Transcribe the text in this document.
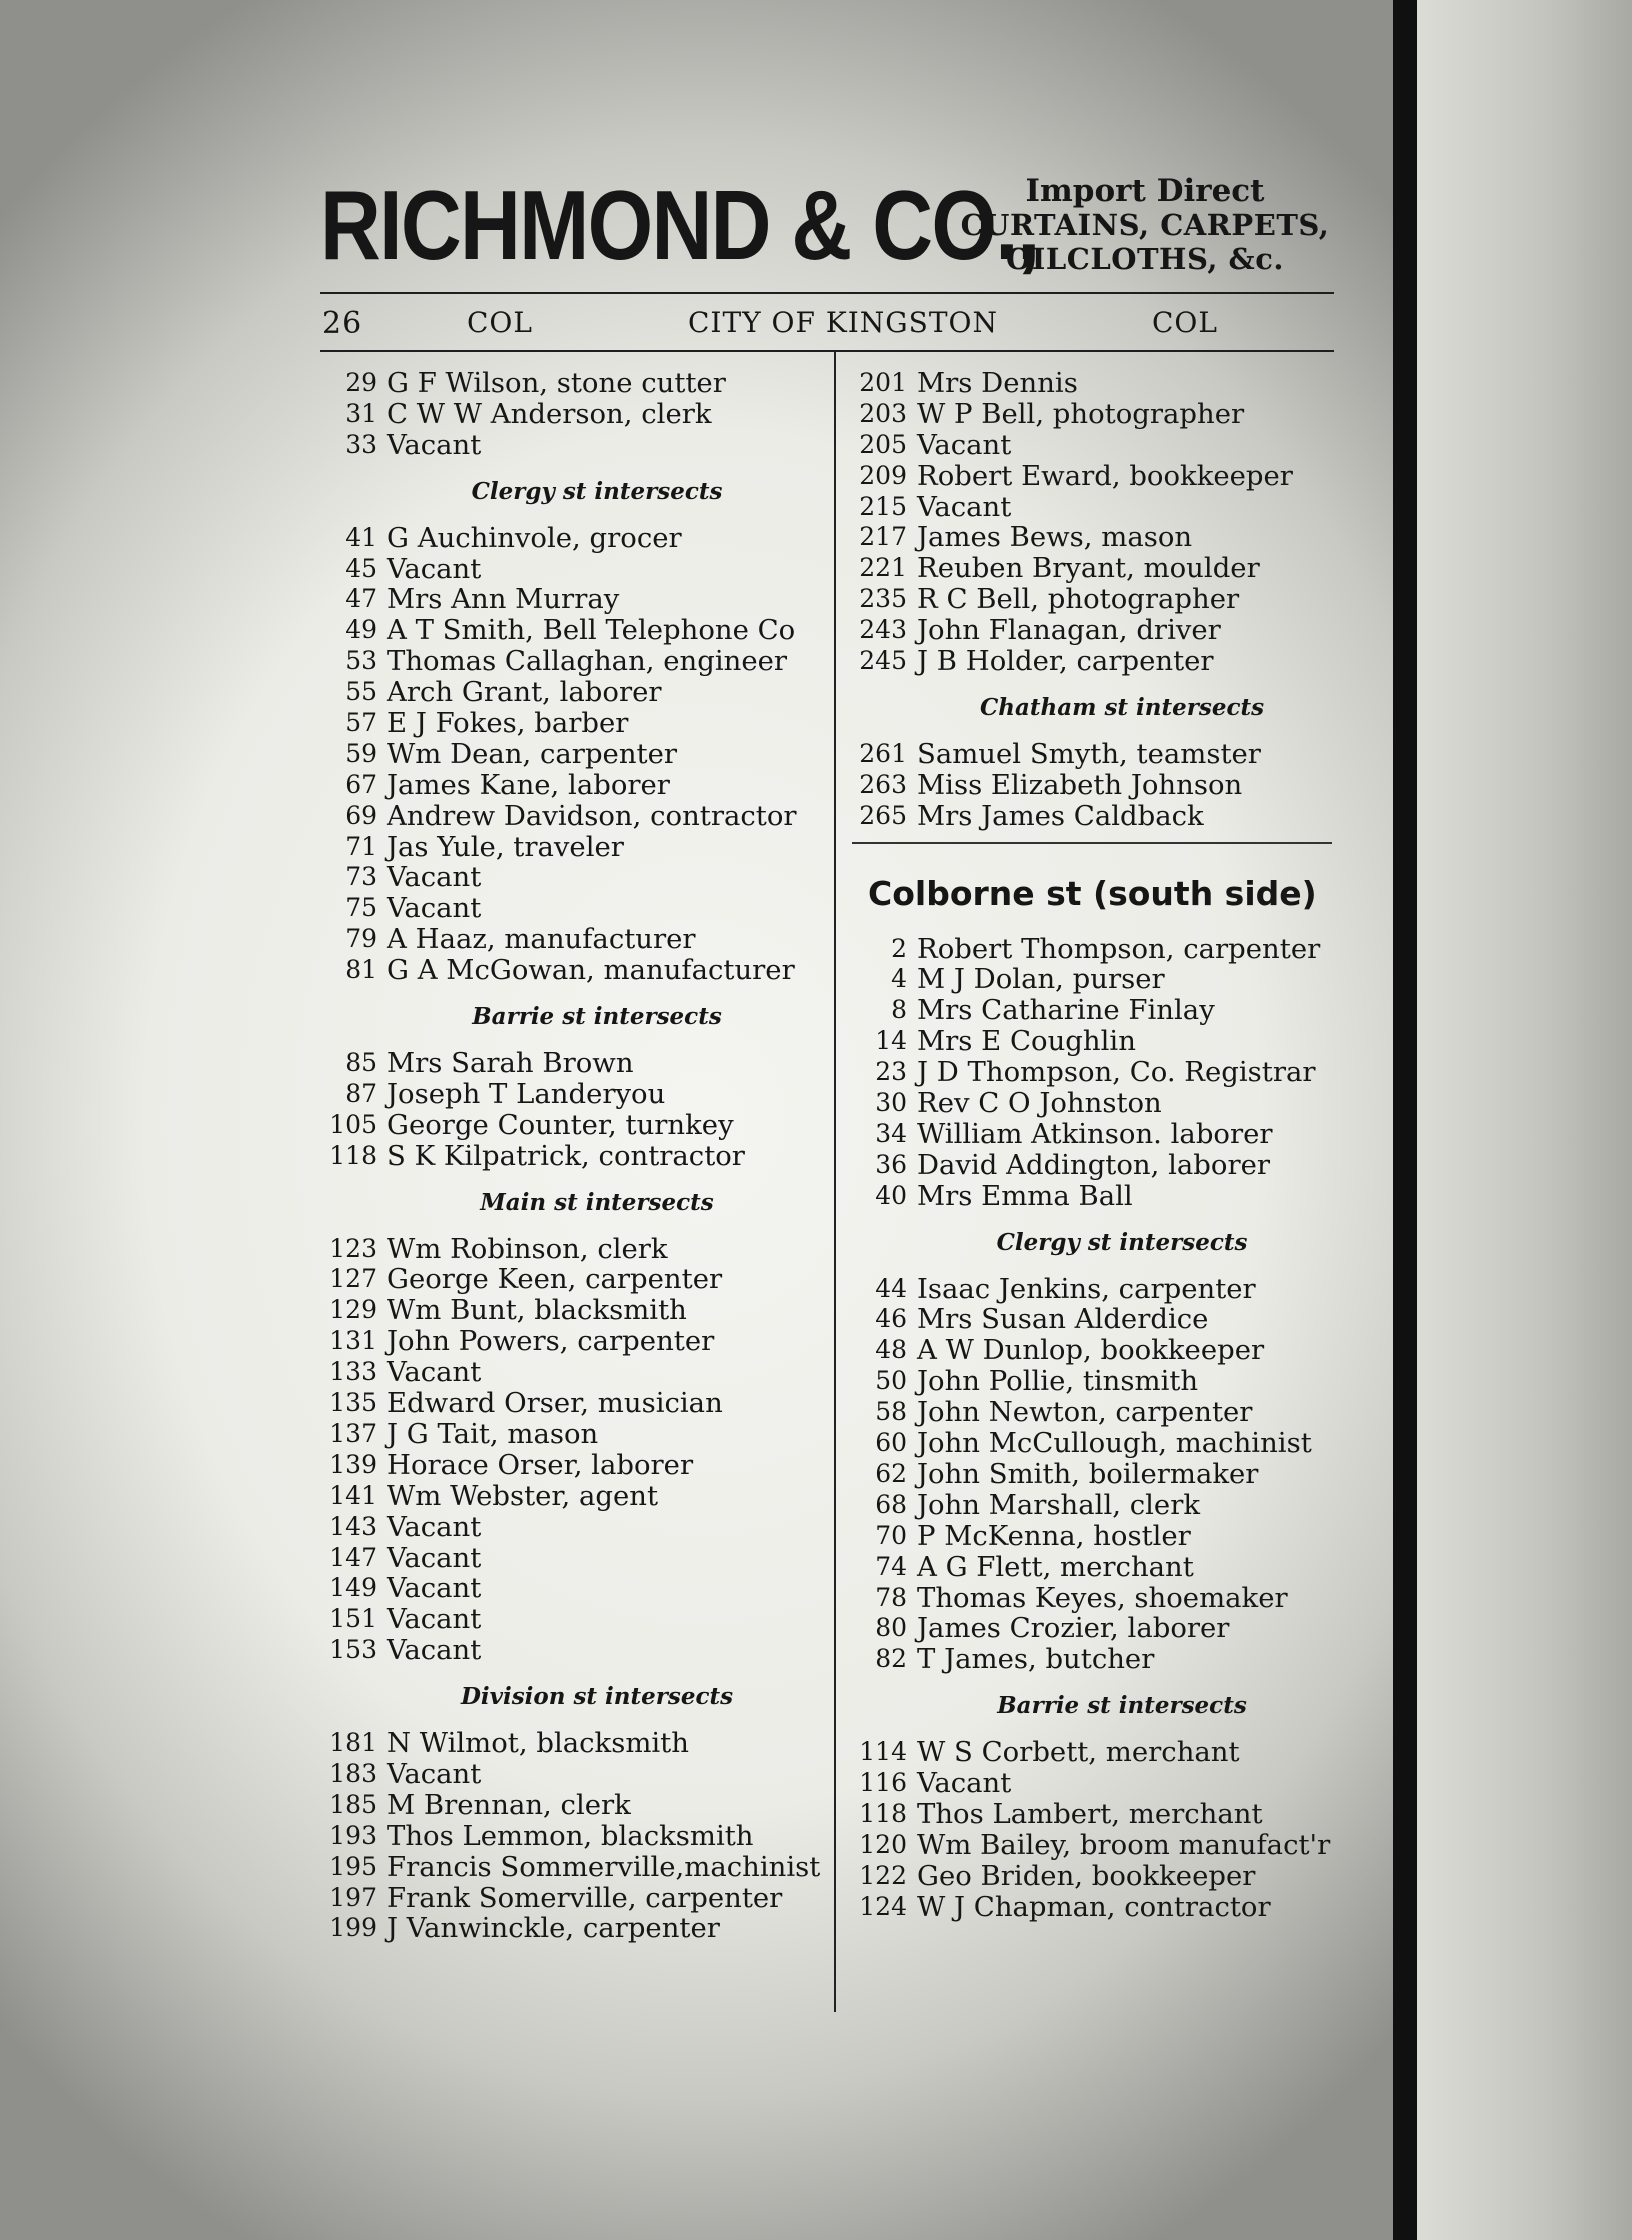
RICHMOND & CO.,
Import Direct
CURTAINS, CARPETS,
OILCLOTHS, &c.
26	COL	CITY OF KINGSTON	COL
29 G F Wilson, stone cutter
31 C W W Anderson, clerk
33 Vacant
Clergy st intersects
41 G Auchinvole, grocer
45 Vacant
47 Mrs Ann Murray
49 A T Smith, Bell Telephone Co
53 Thomas Callaghan, engineer
55 Arch Grant, laborer
57 E J Fokes, barber
59 Wm Dean, carpenter
67 James Kane, laborer
69 Andrew Davidson, contractor
71 Jas Yule, traveler
73 Vacant
75 Vacant
79 A Haaz, manufacturer
81 G A McGowan, manufacturer
Barrie st intersects
85 Mrs Sarah Brown
87 Joseph T Landeryou
105 George Counter, turnkey
118 S K Kilpatrick, contractor
Main st intersects
123 Wm Robinson, clerk
127 George Keen, carpenter
129 Wm Bunt, blacksmith
131 John Powers, carpenter
133 Vacant
135 Edward Orser, musician
137 J G Tait, mason
139 Horace Orser, laborer
141 Wm Webster, agent
143 Vacant
147 Vacant
149 Vacant
151 Vacant
153 Vacant
Division st intersects
181 N Wilmot, blacksmith
183 Vacant
185 M Brennan, clerk
193 Thos Lemmon, blacksmith
195 Francis Sommerville,machinist
197 Frank Somerville, carpenter
199 J Vanwinckle, carpenter
201 Mrs Dennis
203 W P Bell, photographer
205 Vacant
209 Robert Eward, bookkeeper
215 Vacant
217 James Bews, mason
221 Reuben Bryant, moulder
235 R C Bell, photographer
243 John Flanagan, driver
245 J B Holder, carpenter
Chatham st intersects
261 Samuel Smyth, teamster
263 Miss Elizabeth Johnson
265 Mrs James Caldback
Colborne st (south side)
2 Robert Thompson, carpenter
4 M J Dolan, purser
8 Mrs Catharine Finlay
14 Mrs E Coughlin
23 J D Thompson, Co. Registrar
30 Rev C O Johnston
34 William Atkinson. laborer
36 David Addington, laborer
40 Mrs Emma Ball
Clergy st intersects
44 Isaac Jenkins, carpenter
46 Mrs Susan Alderdice
48 A W Dunlop, bookkeeper
50 John Pollie, tinsmith
58 John Newton, carpenter
60 John McCullough, machinist
62 John Smith, boilermaker
68 John Marshall, clerk
70 P McKenna, hostler
74 A G Flett, merchant
78 Thomas Keyes, shoemaker
80 James Crozier, laborer
82 T James, butcher
Barrie st intersects
114 W S Corbett, merchant
116 Vacant
118 Thos Lambert, merchant
120 Wm Bailey, broom manufact'r
122 Geo Briden, bookkeeper
124 W J Chapman, contractor
